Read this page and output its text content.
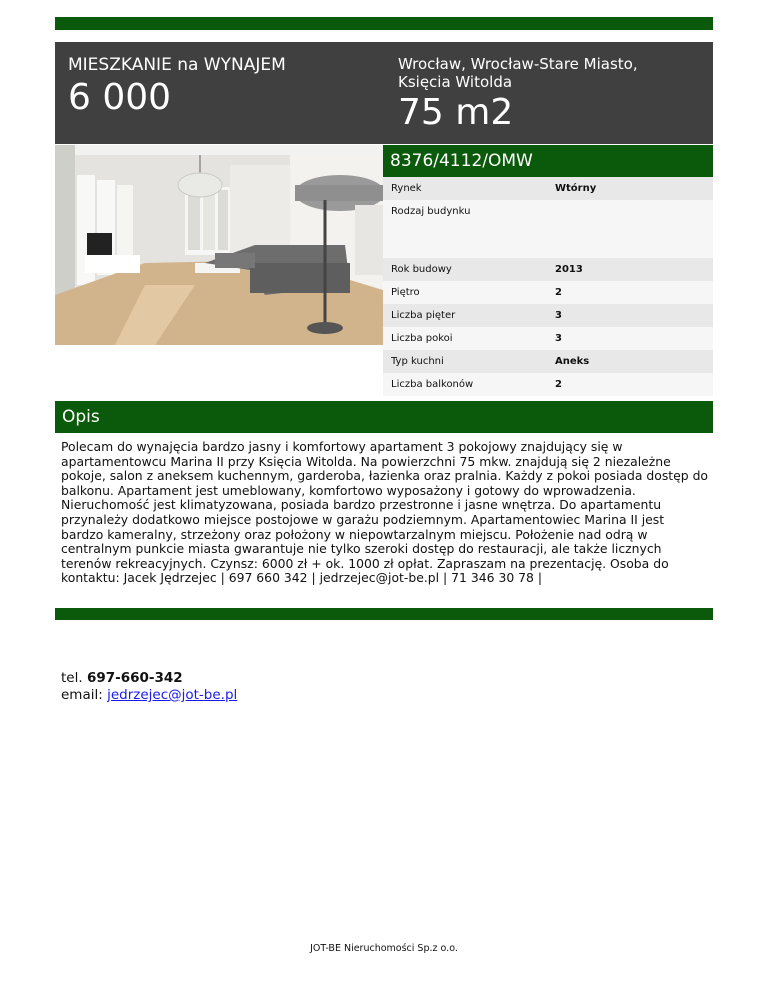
MIESZKANIE na WYNAJEM
6 000
Wrocław, Wrocław-Stare Miasto,
Księcia Witolda
75 m2
8376/4112/OMW
Rynek	Wtórny
Rodzaj budynku
Rok budowy	2013
Piętro	2
Liczba pięter	3
Liczba pokoi	3
Typ kuchni	Aneks
Liczba balkonów	2
Opis
Polecam do wynajęcia bardzo jasny i komfortowy apartament 3 pokojowy znajdujący się w apartamentowcu Marina II przy Księcia Witolda. Na powierzchni 75 mkw. znajdują się 2 niezależne pokoje, salon z aneksem kuchennym, garderoba, łazienka oraz pralnia. Każdy z pokoi posiada dostęp do balkonu. Apartament jest umeblowany, komfortowo wyposażony i gotowy do wprowadzenia. Nieruchomość jest klimatyzowana, posiada bardzo przestronne i jasne wnętrza. Do apartamentu przynależy dodatkowo miejsce postojowe w garażu podziemnym. Apartamentowiec Marina II jest bardzo kameralny, strzeżony oraz położony w niepowtarzalnym miejscu. Położenie nad odrą w centralnym punkcie miasta gwarantuje nie tylko szeroki dostęp do restauracji, ale także licznych terenów rekreacyjnych. Czynsz: 6000 zł + ok. 1000 zł opłat. Zapraszam na prezentację. Osoba do kontaktu: Jacek Jędrzejec | 697 660 342 | jedrzejec@jot-be.pl | 71 346 30 78 |
tel. 697-660-342
email: jedrzejec@jot-be.pl
JOT-BE Nieruchomości Sp.z o.o.
